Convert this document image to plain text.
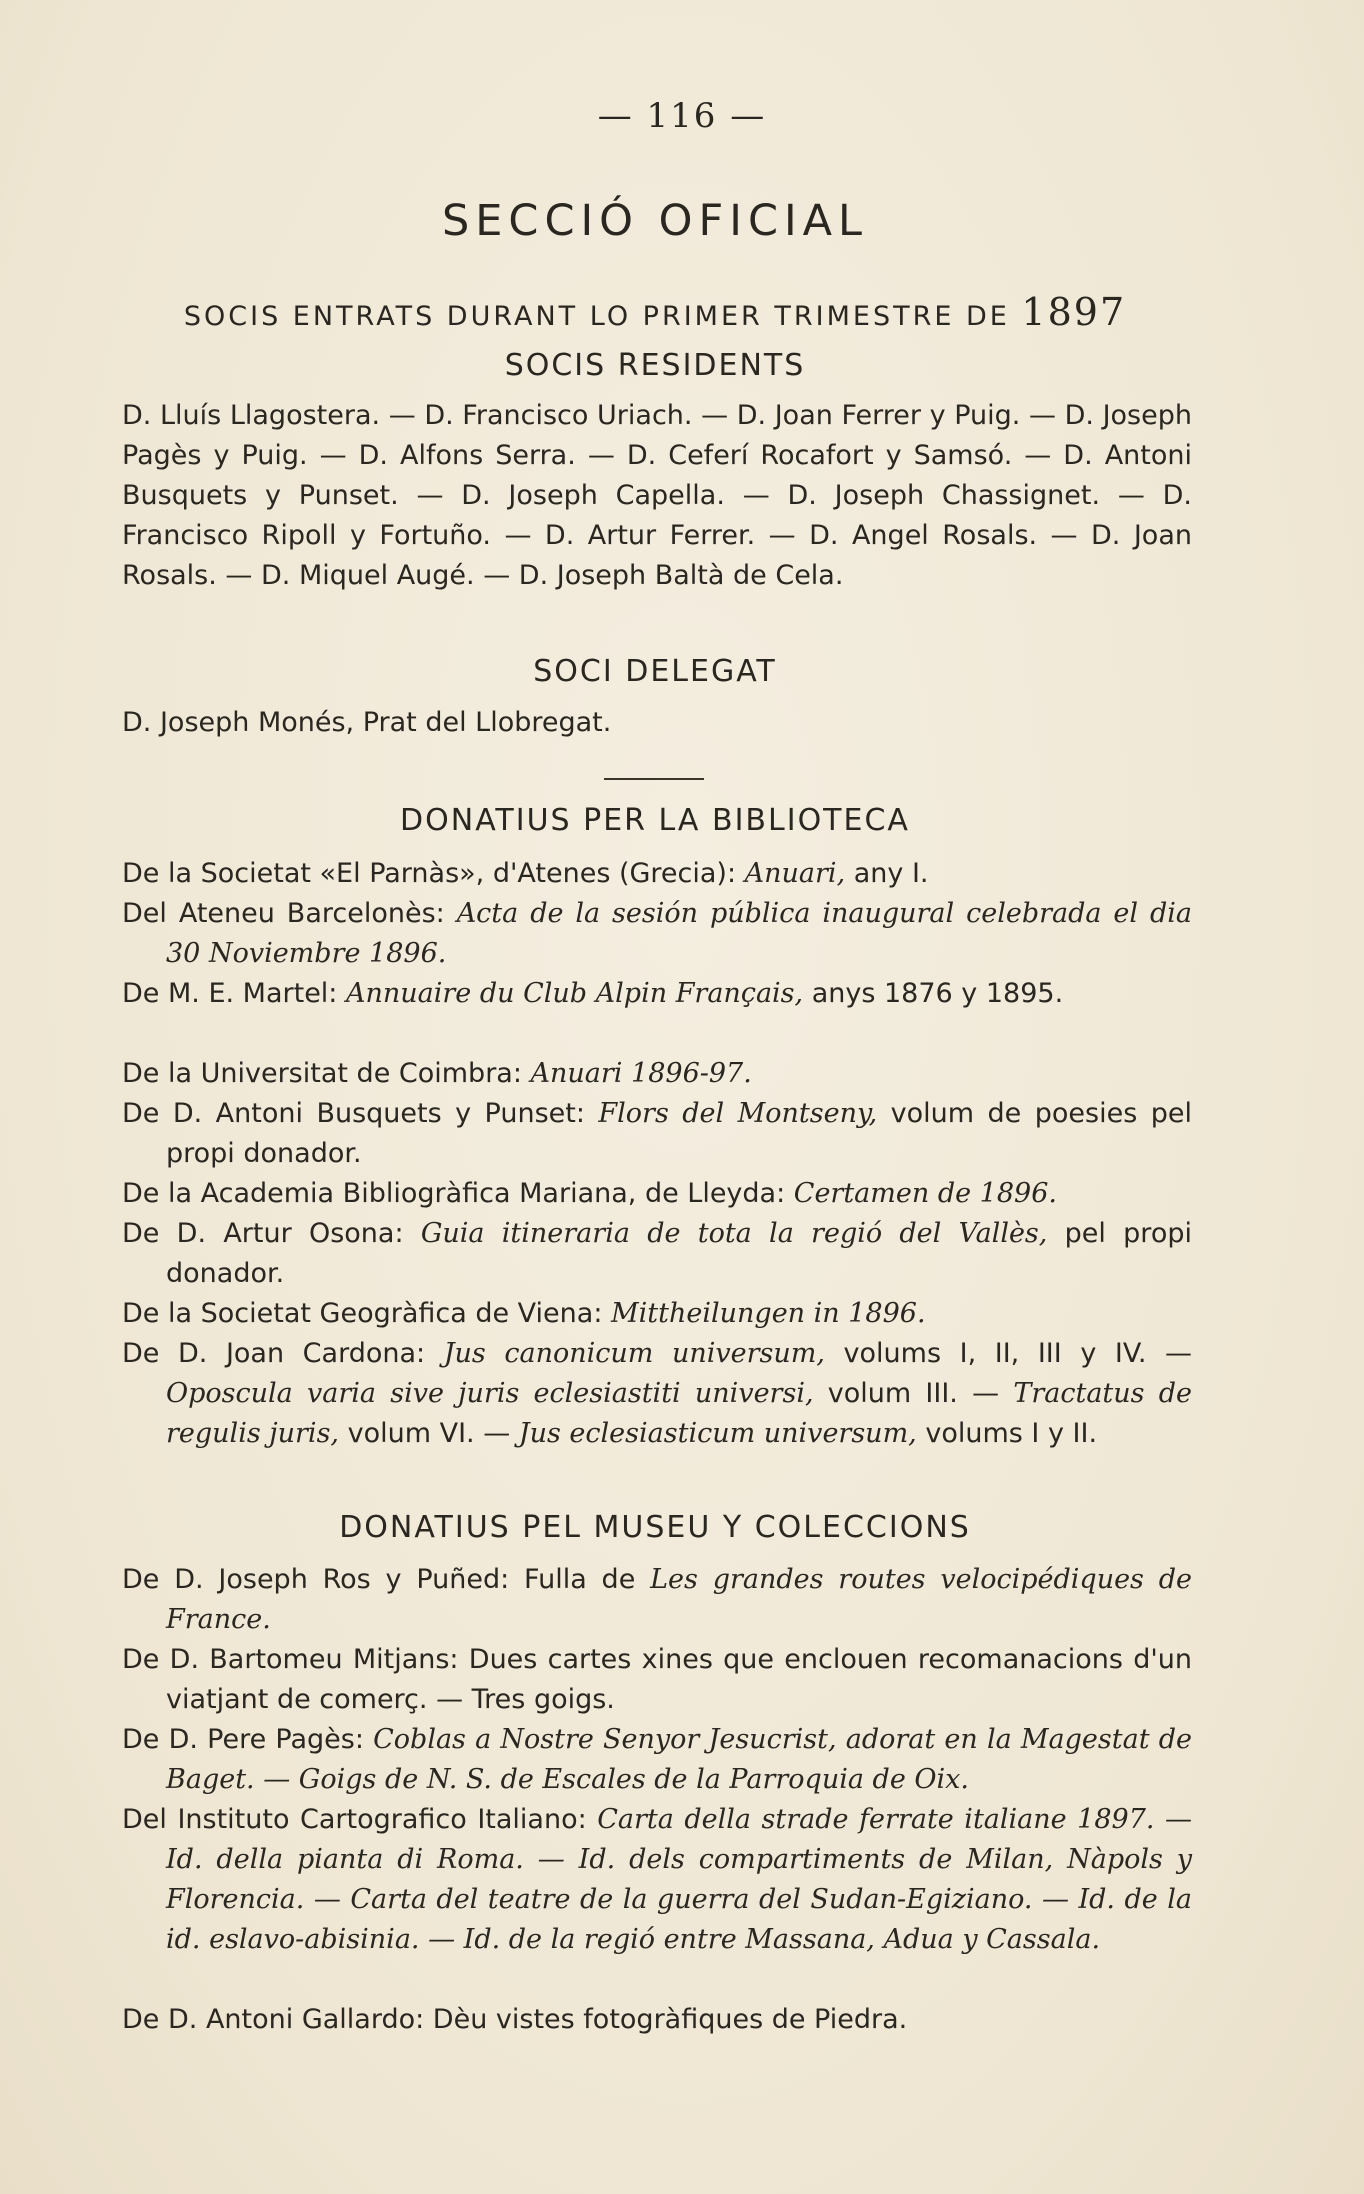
— 116 —
SECCIÓ OFICIAL
SOCIS ENTRATS DURANT LO PRIMER TRIMESTRE DE 1897
SOCIS RESIDENTS
D. Lluís Llagostera. — D. Francisco Uriach. — D. Joan Ferrer y Puig. — D. Joseph Pagès y Puig. — D. Alfons Serra. — D. Ceferí Rocafort y Samsó. — D. Antoni Busquets y Punset. — D. Joseph Capella. — D. Joseph Chassignet. — D. Francisco Ripoll y Fortuño. — D. Artur Ferrer. — D. Angel Rosals. — D. Joan Rosals. — D. Miquel Augé. — D. Joseph Baltà de Cela.
SOCI DELEGAT
D. Joseph Monés, Prat del Llobregat.
DONATIUS PER LA BIBLIOTECA
De la Societat «El Parnàs», d'Atenes (Grecia): Anuari, any I.
Del Ateneu Barcelonès: Acta de la sesión pública inaugural celebrada el dia 30 Noviembre 1896.
De M. E. Martel: Annuaire du Club Alpin Français, anys 1876 y 1895.
De la Universitat de Coimbra: Anuari 1896-97.
De D. Antoni Busquets y Punset: Flors del Montseny, volum de poesies pel propi donador.
De la Academia Bibliogràfica Mariana, de Lleyda: Certamen de 1896.
De D. Artur Osona: Guia itineraria de tota la regió del Vallès, pel propi donador.
De la Societat Geogràfica de Viena: Mittheilungen in 1896.
De D. Joan Cardona: Jus canonicum universum, volums I, II, III y IV. — Oposcula varia sive juris eclesiastiti universi, volum III. — Tractatus de regulis juris, volum VI. — Jus eclesiasticum universum, volums I y II.
DONATIUS PEL MUSEU Y COLECCIONS
De D. Joseph Ros y Puñed: Fulla de Les grandes routes velocipédiques de France.
De D. Bartomeu Mitjans: Dues cartes xines que enclouen recomanacions d'un viatjant de comerç. — Tres goigs.
De D. Pere Pagès: Coblas a Nostre Senyor Jesucrist, adorat en la Magestat de Baget. — Goigs de N. S. de Escales de la Parroquia de Oix.
Del Instituto Cartografico Italiano: Carta della strade ferrate italiane 1897. — Id. della pianta di Roma. — Id. dels compartiments de Milan, Nàpols y Florencia. — Carta del teatre de la guerra del Sudan-Egiziano. — Id. de la id. eslavo-abisinia. — Id. de la regió entre Massana, Adua y Cassala.
De D. Antoni Gallardo: Dèu vistes fotogràfiques de Piedra.
